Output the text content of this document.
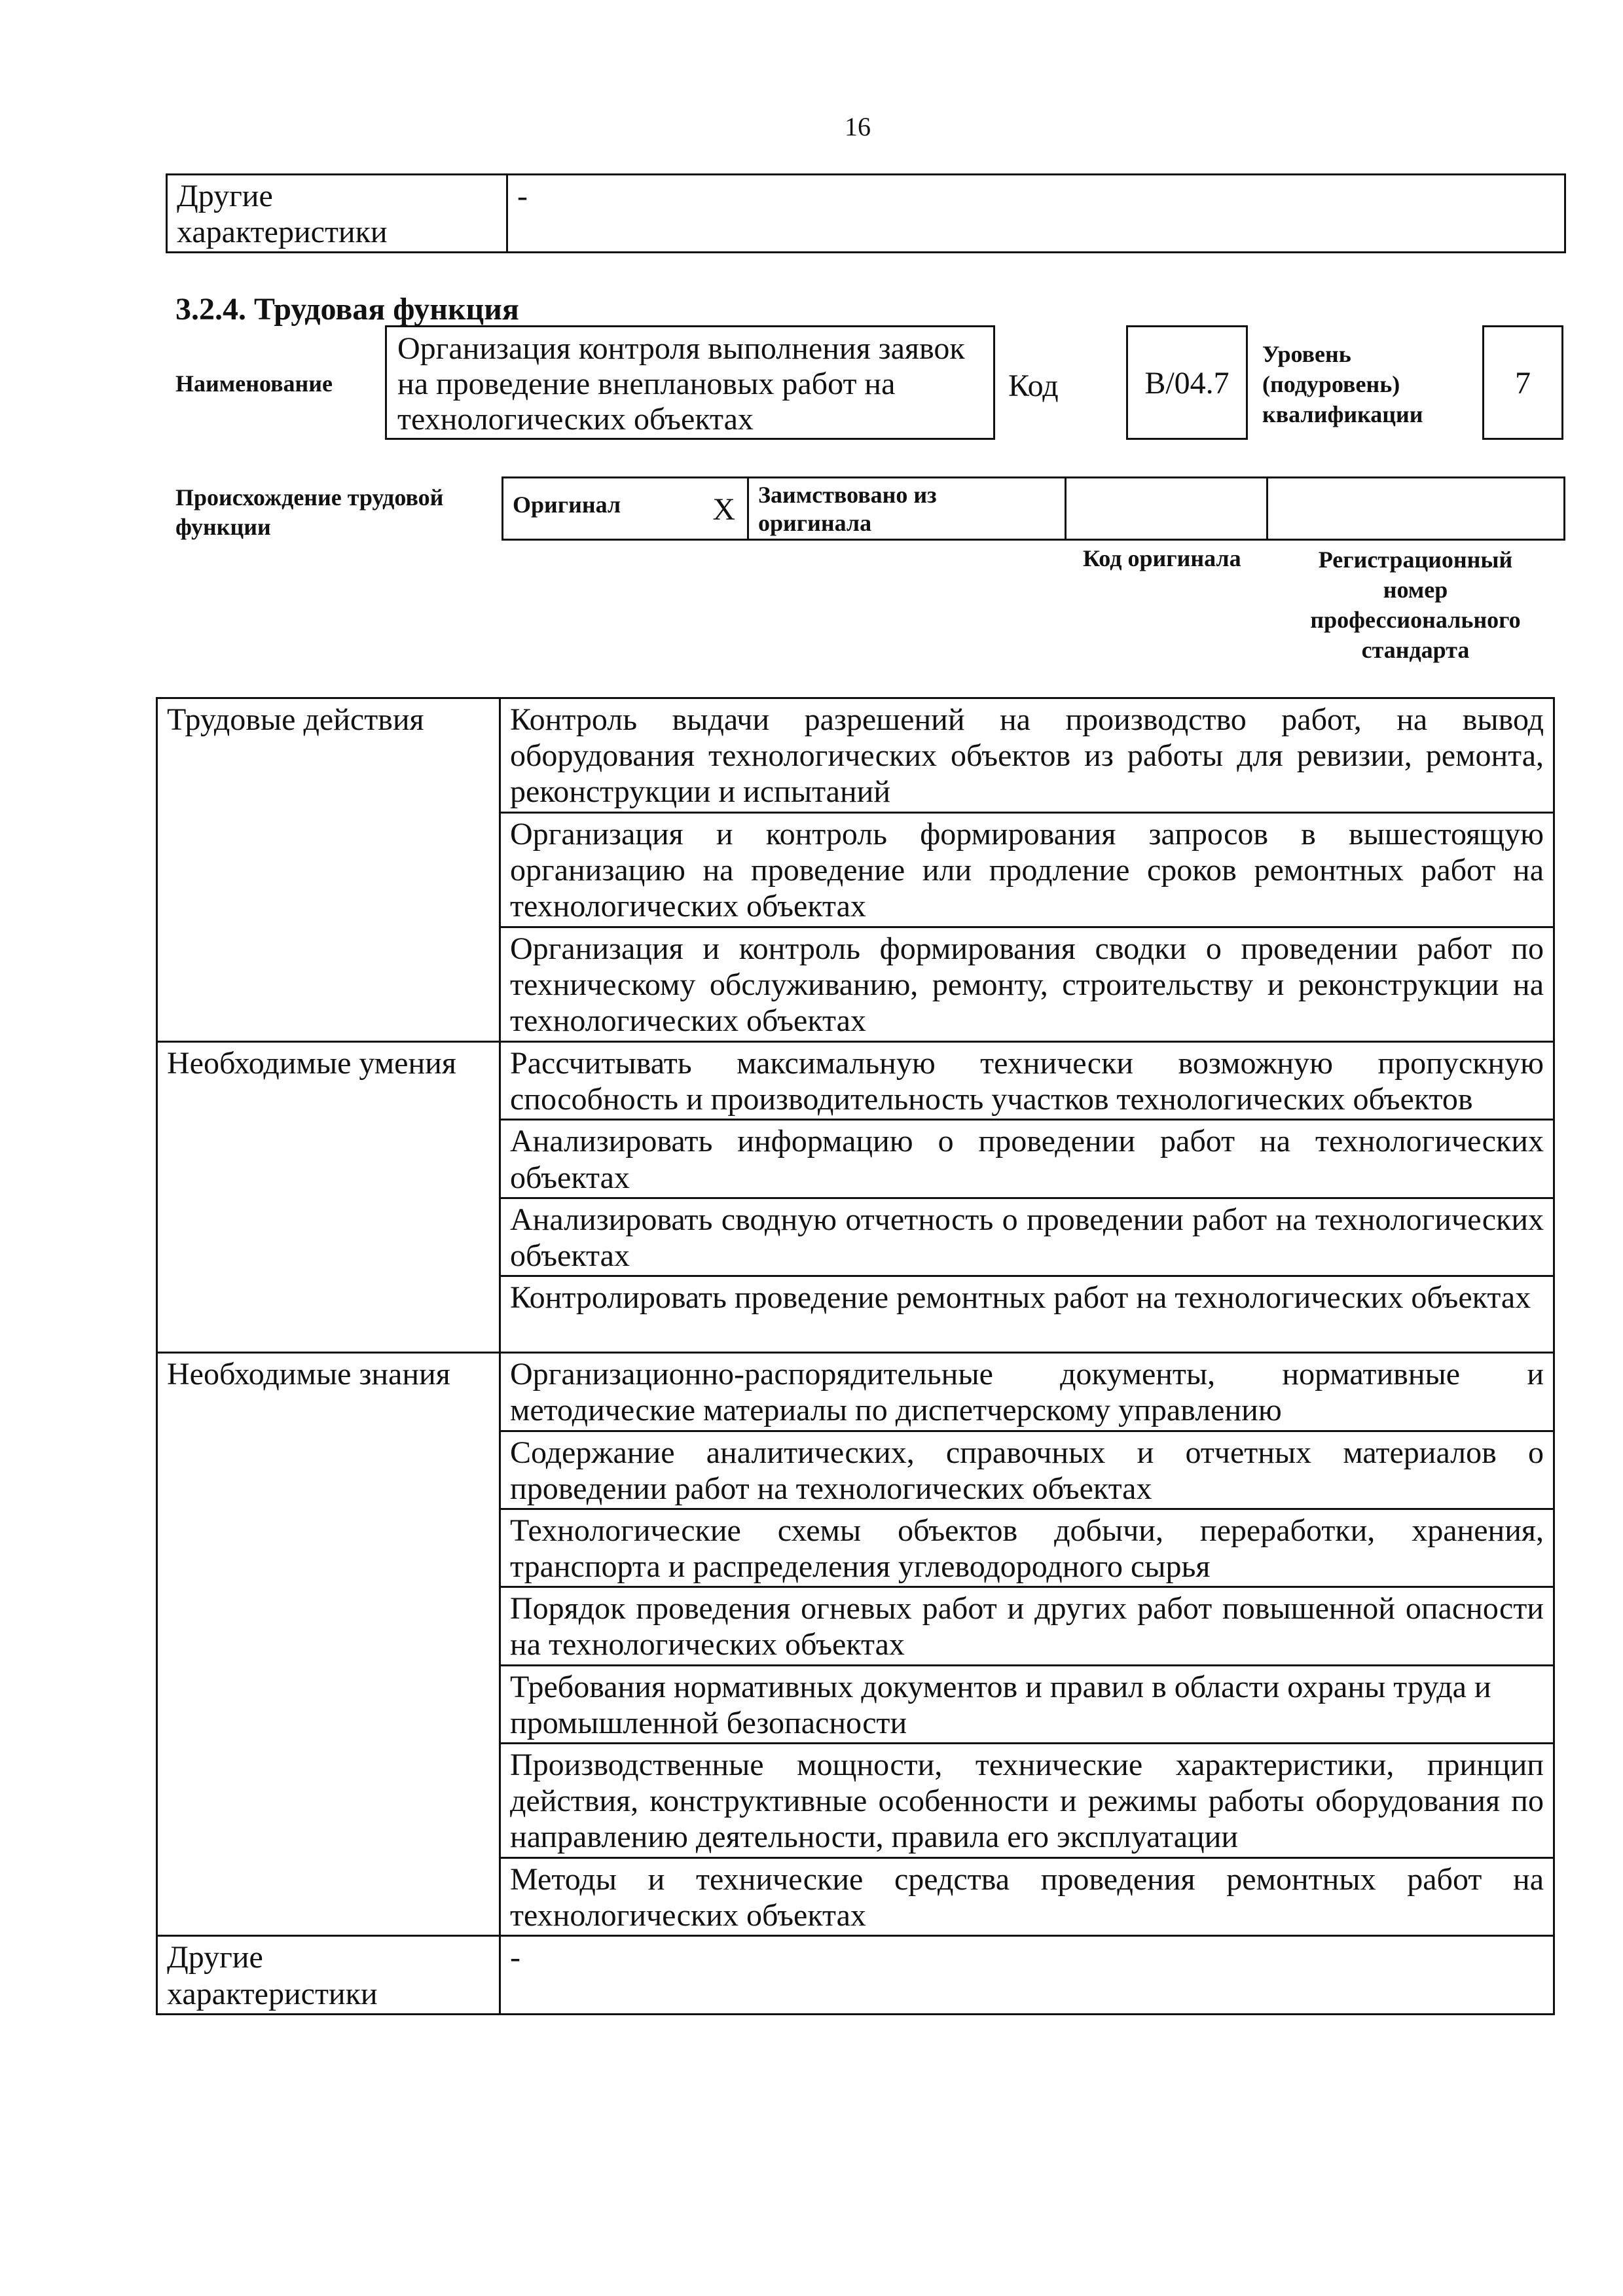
16
Другие
характеристики
	-
3.2.4. Трудовая функция
Наименование
Организация контроля выполнения заявок на проведение внеплановых работ на технологических объектах
Код	B/04.7
Уровень
(подуровень)
квалификации
7
Происхождение трудовой
функции
Оригинал	X	Заимствовано из
оригинала

Код оригинала	Регистрационный
номер
профессионального
стандарта
Трудовые действия	Контроль выдачи разрешений на производство работ, на вывод оборудования технологических объектов из работы для ревизии, ремонта, реконструкции и испытаний
	Организация и контроль формирования запросов в вышестоящую организацию на проведение или продление сроков ремонтных работ на технологических объектах
	Организация и контроль формирования сводки о проведении работ по техническому обслуживанию, ремонту, строительству и реконструкции на технологических объектах
Необходимые умения	Рассчитывать максимальную технически возможную пропускную способность и производительность участков технологических объектов
	Анализировать информацию о проведении работ на технологических объектах
	Анализировать сводную отчетность о проведении работ на технологических объектах
	Контролировать проведение ремонтных работ на технологических объектах
Необходимые знания	Организационно-распорядительные документы, нормативные и методические материалы по диспетчерскому управлению
	Содержание аналитических, справочных и отчетных материалов о проведении работ на технологических объектах
	Технологические схемы объектов добычи, переработки, хранения, транспорта и распределения углеводородного сырья
	Порядок проведения огневых работ и других работ повышенной опасности на технологических объектах
	Требования нормативных документов и правил в области охраны труда и промышленной безопасности
	Производственные мощности, технические характеристики, принцип действия, конструктивные особенности и режимы работы оборудования по направлению деятельности, правила его эксплуатации
	Методы и технические средства проведения ремонтных работ на технологических объектах

Другие
характеристики	-
